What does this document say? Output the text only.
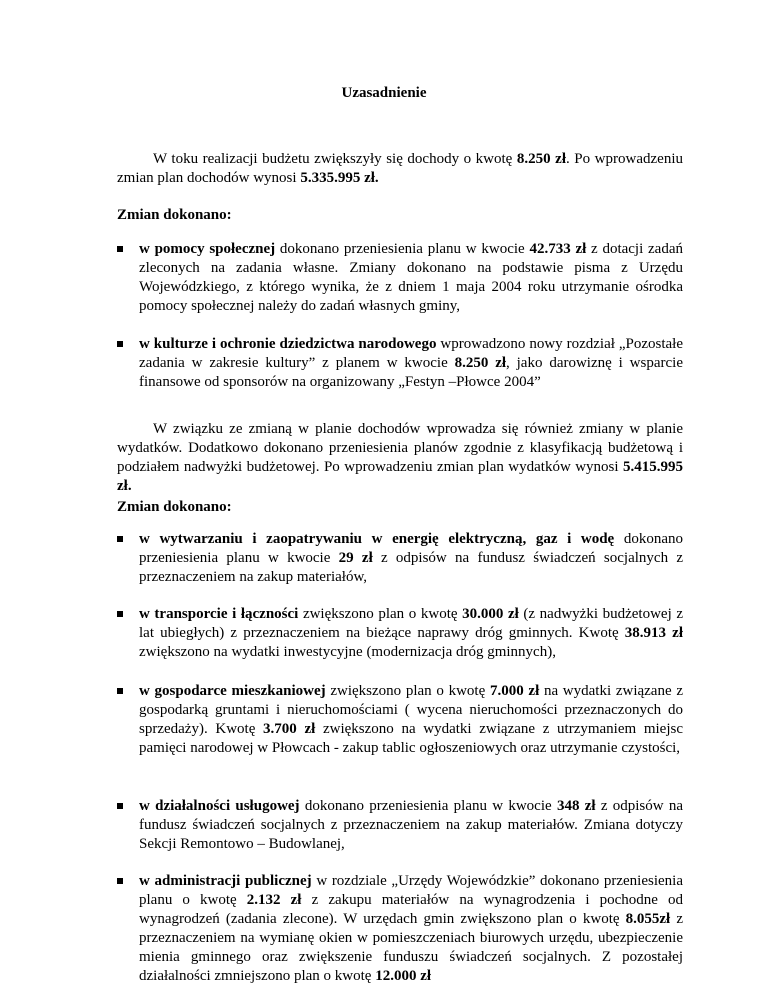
Uzasadnienie
W toku realizacji budżetu zwiększyły się dochody o kwotę 8.250 zł. Po wprowadzeniu zmian plan dochodów wynosi 5.335.995 zł.
Zmian dokonano:
w pomocy społecznej dokonano przeniesienia planu w kwocie 42.733 zł z dotacji zadań zleconych na zadania własne. Zmiany dokonano na podstawie pisma z Urzędu Wojewódzkiego, z którego wynika, że z dniem 1 maja 2004 roku utrzymanie ośrodka pomocy społecznej należy do zadań własnych gminy,
w kulturze i ochronie dziedzictwa narodowego wprowadzono nowy rozdział „Pozostałe zadania w zakresie kultury” z planem w kwocie 8.250 zł, jako darowiznę i wsparcie finansowe od sponsorów na organizowany „Festyn –Płowce 2004”
W związku ze zmianą w planie dochodów wprowadza się również zmiany w planie wydatków. Dodatkowo dokonano przeniesienia planów zgodnie z klasyfikacją budżetową i podziałem nadwyżki budżetowej. Po wprowadzeniu zmian plan wydatków wynosi 5.415.995 zł.
Zmian dokonano:
w wytwarzaniu i zaopatrywaniu w energię elektryczną, gaz i wodę dokonano przeniesienia planu w kwocie 29 zł z odpisów na fundusz świadczeń socjalnych z przeznaczeniem na zakup materiałów,
w transporcie i łączności zwiększono plan o kwotę 30.000 zł (z nadwyżki budżetowej z lat ubiegłych) z przeznaczeniem na bieżące naprawy dróg gminnych. Kwotę 38.913 zł zwiększono na wydatki inwestycyjne (modernizacja dróg gminnych),
w gospodarce mieszkaniowej zwiększono plan o kwotę 7.000 zł na wydatki związane z gospodarką gruntami i nieruchomościami ( wycena nieruchomości przeznaczonych do sprzedaży). Kwotę 3.700 zł zwiększono na wydatki związane z utrzymaniem miejsc pamięci narodowej w Płowcach - zakup tablic ogłoszeniowych oraz utrzymanie czystości,
w działalności usługowej dokonano przeniesienia planu w kwocie 348 zł z odpisów na fundusz świadczeń socjalnych z przeznaczeniem na zakup materiałów. Zmiana dotyczy Sekcji Remontowo – Budowlanej,
w administracji publicznej w rozdziale „Urzędy Wojewódzkie” dokonano przeniesienia planu o kwotę 2.132 zł z zakupu materiałów na wynagrodzenia i pochodne od wynagrodzeń (zadania zlecone). W urzędach gmin zwiększono plan o kwotę 8.055zł z przeznaczeniem na wymianę okien w pomieszczeniach biurowych urzędu, ubezpieczenie mienia gminnego oraz zwiększenie funduszu świadczeń socjalnych. Z pozostałej działalności zmniejszono plan o kwotę 12.000 zł
